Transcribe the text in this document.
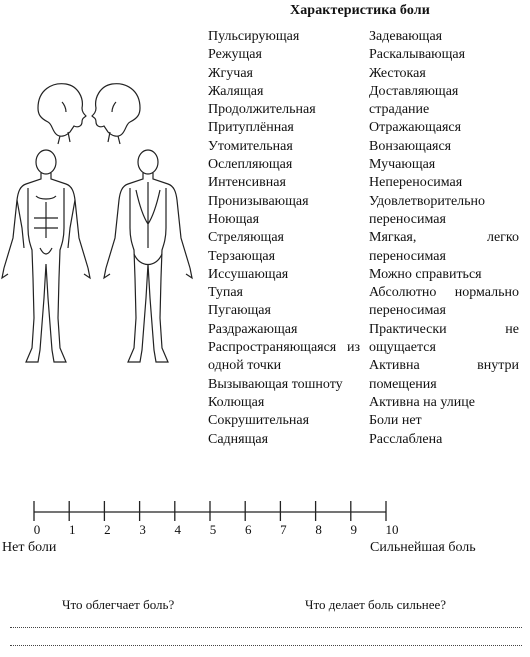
Характеристика боли
Пульсирующая
Режущая
Жгучая
Жалящая
Продолжительная
Притуплённая
Утомительная
Ослепляющая
Интенсивная
Пронизывающая
Ноющая
Стреляющая
Терзающая
Иссушающая
Тупая
Пугающая
Раздражающая
Распространяющаяся из одной точки
Вызывающая тошноту
Колющая
Сокрушительная
Саднящая
Задевающая
Раскалывающая
Жестокая
Доставляющая страдание
Отражающаяся
Вонзающаяся
Мучающая
Непереносимая
Удовлетворительно переносимая
Мягкая, легко переносимая
Можно справиться
Абсолютно нормально переносимая
Практически не ощущается
Активна внутри помещения
Активна на улице
Боли нет
Расслаблена
0 1 2 3 4 5 6 7 8 9 10
Нет боли	Сильнейшая боль
Что облегчает боль?	Что делает боль сильнее?
